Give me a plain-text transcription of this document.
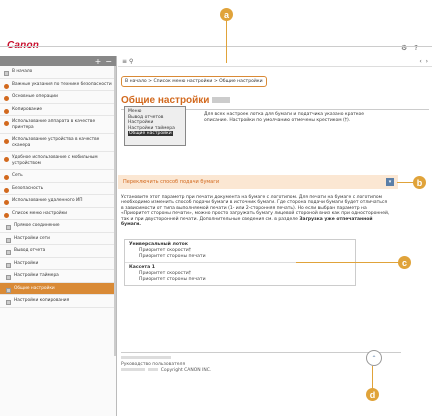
Canon	⚙ ?
+ −
В начало
Важные указания по технике безопасности
Основные операции
Копирование
Использование аппарата в качестве принтера
Использование устройства в качестве сканера
Удобное использование с мобильным устройством
Сеть
Безопасность
Использование удаленного ИП
Список меню настройки
Прямое соединение
Настройки сети
Вывод отчета
Настройки
Настройки таймера
Общие настройки
Настройки копирования
≡ ⚲	‹ ›
В начало > Список меню настройки > Общие настройки
Общие настройки
Меню
Вывод отчетов
Настройки
Настройки таймера
Общие настройки
Для всех настроек лотка для бумаги и податчика указано краткое описание. Настройки по умолчанию отмечены крестиком (†).
Переключить способ подачи бумаги	▾
Установите этот параметр при печати документа на бумаге с логотипом. Для печати на бумаге с логотипом необходимо изменить способ подачи бумаги в источник бумаги. Где сторона подачи бумаги будет отличаться в зависимости от типа выполняемой печати (1- или 2-сторонняя печать). Но если выбран параметр на «Приоритет стороны печати», можно просто загружать бумагу лицевой стороной вниз как при односторонней, так и при двусторонней печати. Дополнительные сведения см. в разделе Загрузка уже отпечатанной бумаги.
Универсальный лоток
Приоритет скорости†
Приоритет стороны печати
Кассета 1
Приоритет скорости†
Приоритет стороны печати
Руководство пользователя
Copyright CANON INC.
⌃
a
b
c
d
